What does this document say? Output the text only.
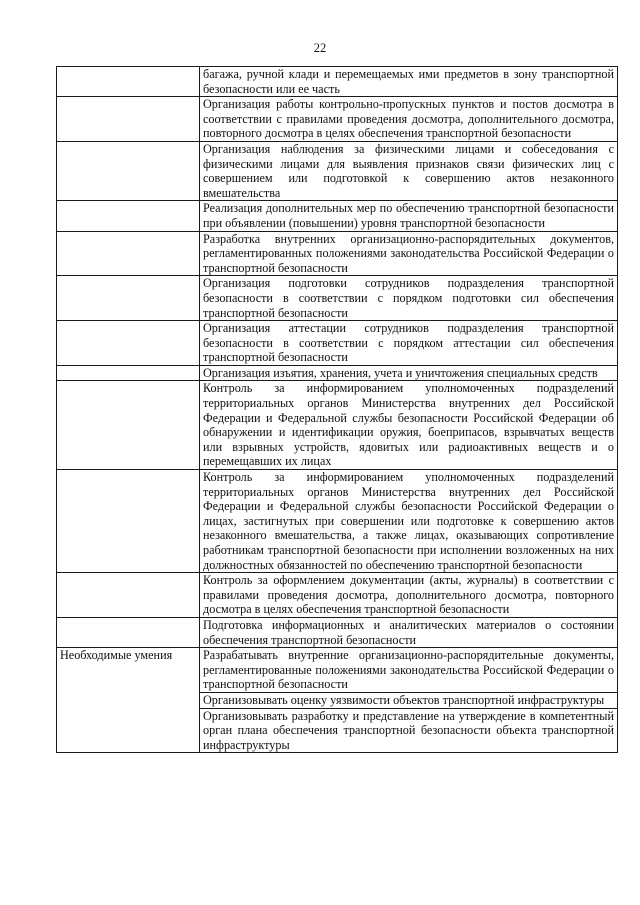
22
	багажа, ручной клади и перемещаемых ими предметов в зону транспортной безопасности или ее часть
	Организация работы контрольно-пропускных пунктов и постов досмотра в соответствии с правилами проведения досмотра, дополнительного досмотра, повторного досмотра в целях обеспечения транспортной безопасности
	Организация наблюдения за физическими лицами и собеседования с физическими лицами для выявления признаков связи физических лиц с совершением или подготовкой к совершению актов незаконного вмешательства
	Реализация дополнительных мер по обеспечению транспортной безопасности при объявлении (повышении) уровня транспортной безопасности
	Разработка внутренних организационно-распорядительных документов, регламентированных положениями законодательства Российской Федерации о транспортной безопасности
	Организация подготовки сотрудников подразделения транспортной безопасности в соответствии с порядком подготовки сил обеспечения транспортной безопасности
	Организация аттестации сотрудников подразделения транспортной безопасности в соответствии с порядком аттестации сил обеспечения транспортной безопасности
	Организация изъятия, хранения, учета и уничтожения специальных средств
	Контроль за информированием уполномоченных подразделений территориальных органов Министерства внутренних дел Российской Федерации и Федеральной службы безопасности Российской Федерации об обнаружении и идентификации оружия, боеприпасов, взрывчатых веществ или взрывных устройств, ядовитых или радиоактивных веществ и о перемещавших их лицах
	Контроль за информированием уполномоченных подразделений территориальных органов Министерства внутренних дел Российской Федерации и Федеральной службы безопасности Российской Федерации о лицах, застигнутых при совершении или подготовке к совершению актов незаконного вмешательства, а также лицах, оказывающих сопротивление работникам транспортной безопасности при исполнении возложенных на них должностных обязанностей по обеспечению транспортной безопасности
	Контроль за оформлением документации (акты, журналы) в соответствии с правилами проведения досмотра, дополнительного досмотра, повторного досмотра в целях обеспечения транспортной безопасности
	Подготовка информационных и аналитических материалов о состоянии обеспечения транспортной безопасности
Необходимые умения	Разрабатывать внутренние организационно-распорядительные документы, регламентированные положениями законодательства Российской Федерации о транспортной безопасности
	Организовывать оценку уязвимости объектов транспортной инфраструктуры
	Организовывать разработку и представление на утверждение в компетентный орган плана обеспечения транспортной безопасности объекта транспортной инфраструктуры
